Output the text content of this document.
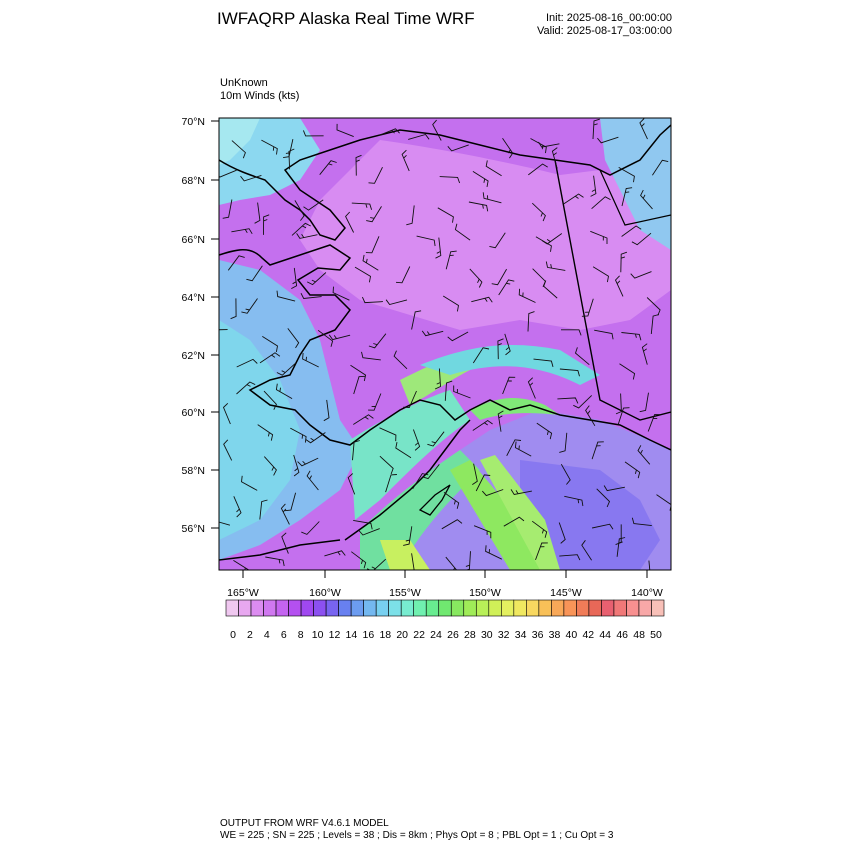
IWFAQRP Alaska Real Time WRF	Init: 2025-08-16_00:00:00
Valid: 2025-08-17_03:00:00
UnKnown
10m Winds (kts)
70°N
68°N
66°N
64°N
62°N
60°N
58°N
56°N
165°W	160°W	155°W	150°W	145°W	140°W
0 2 4 6 8 10 12 14 16 18 20 22 24 26 28 30 32 34 36 38 40 42 44 46 48 50
OUTPUT FROM WRF V4.6.1 MODEL
WE = 225 ; SN = 225 ; Levels = 38 ; Dis = 8km ; Phys Opt = 8 ; PBL Opt = 1 ; Cu Opt = 3
